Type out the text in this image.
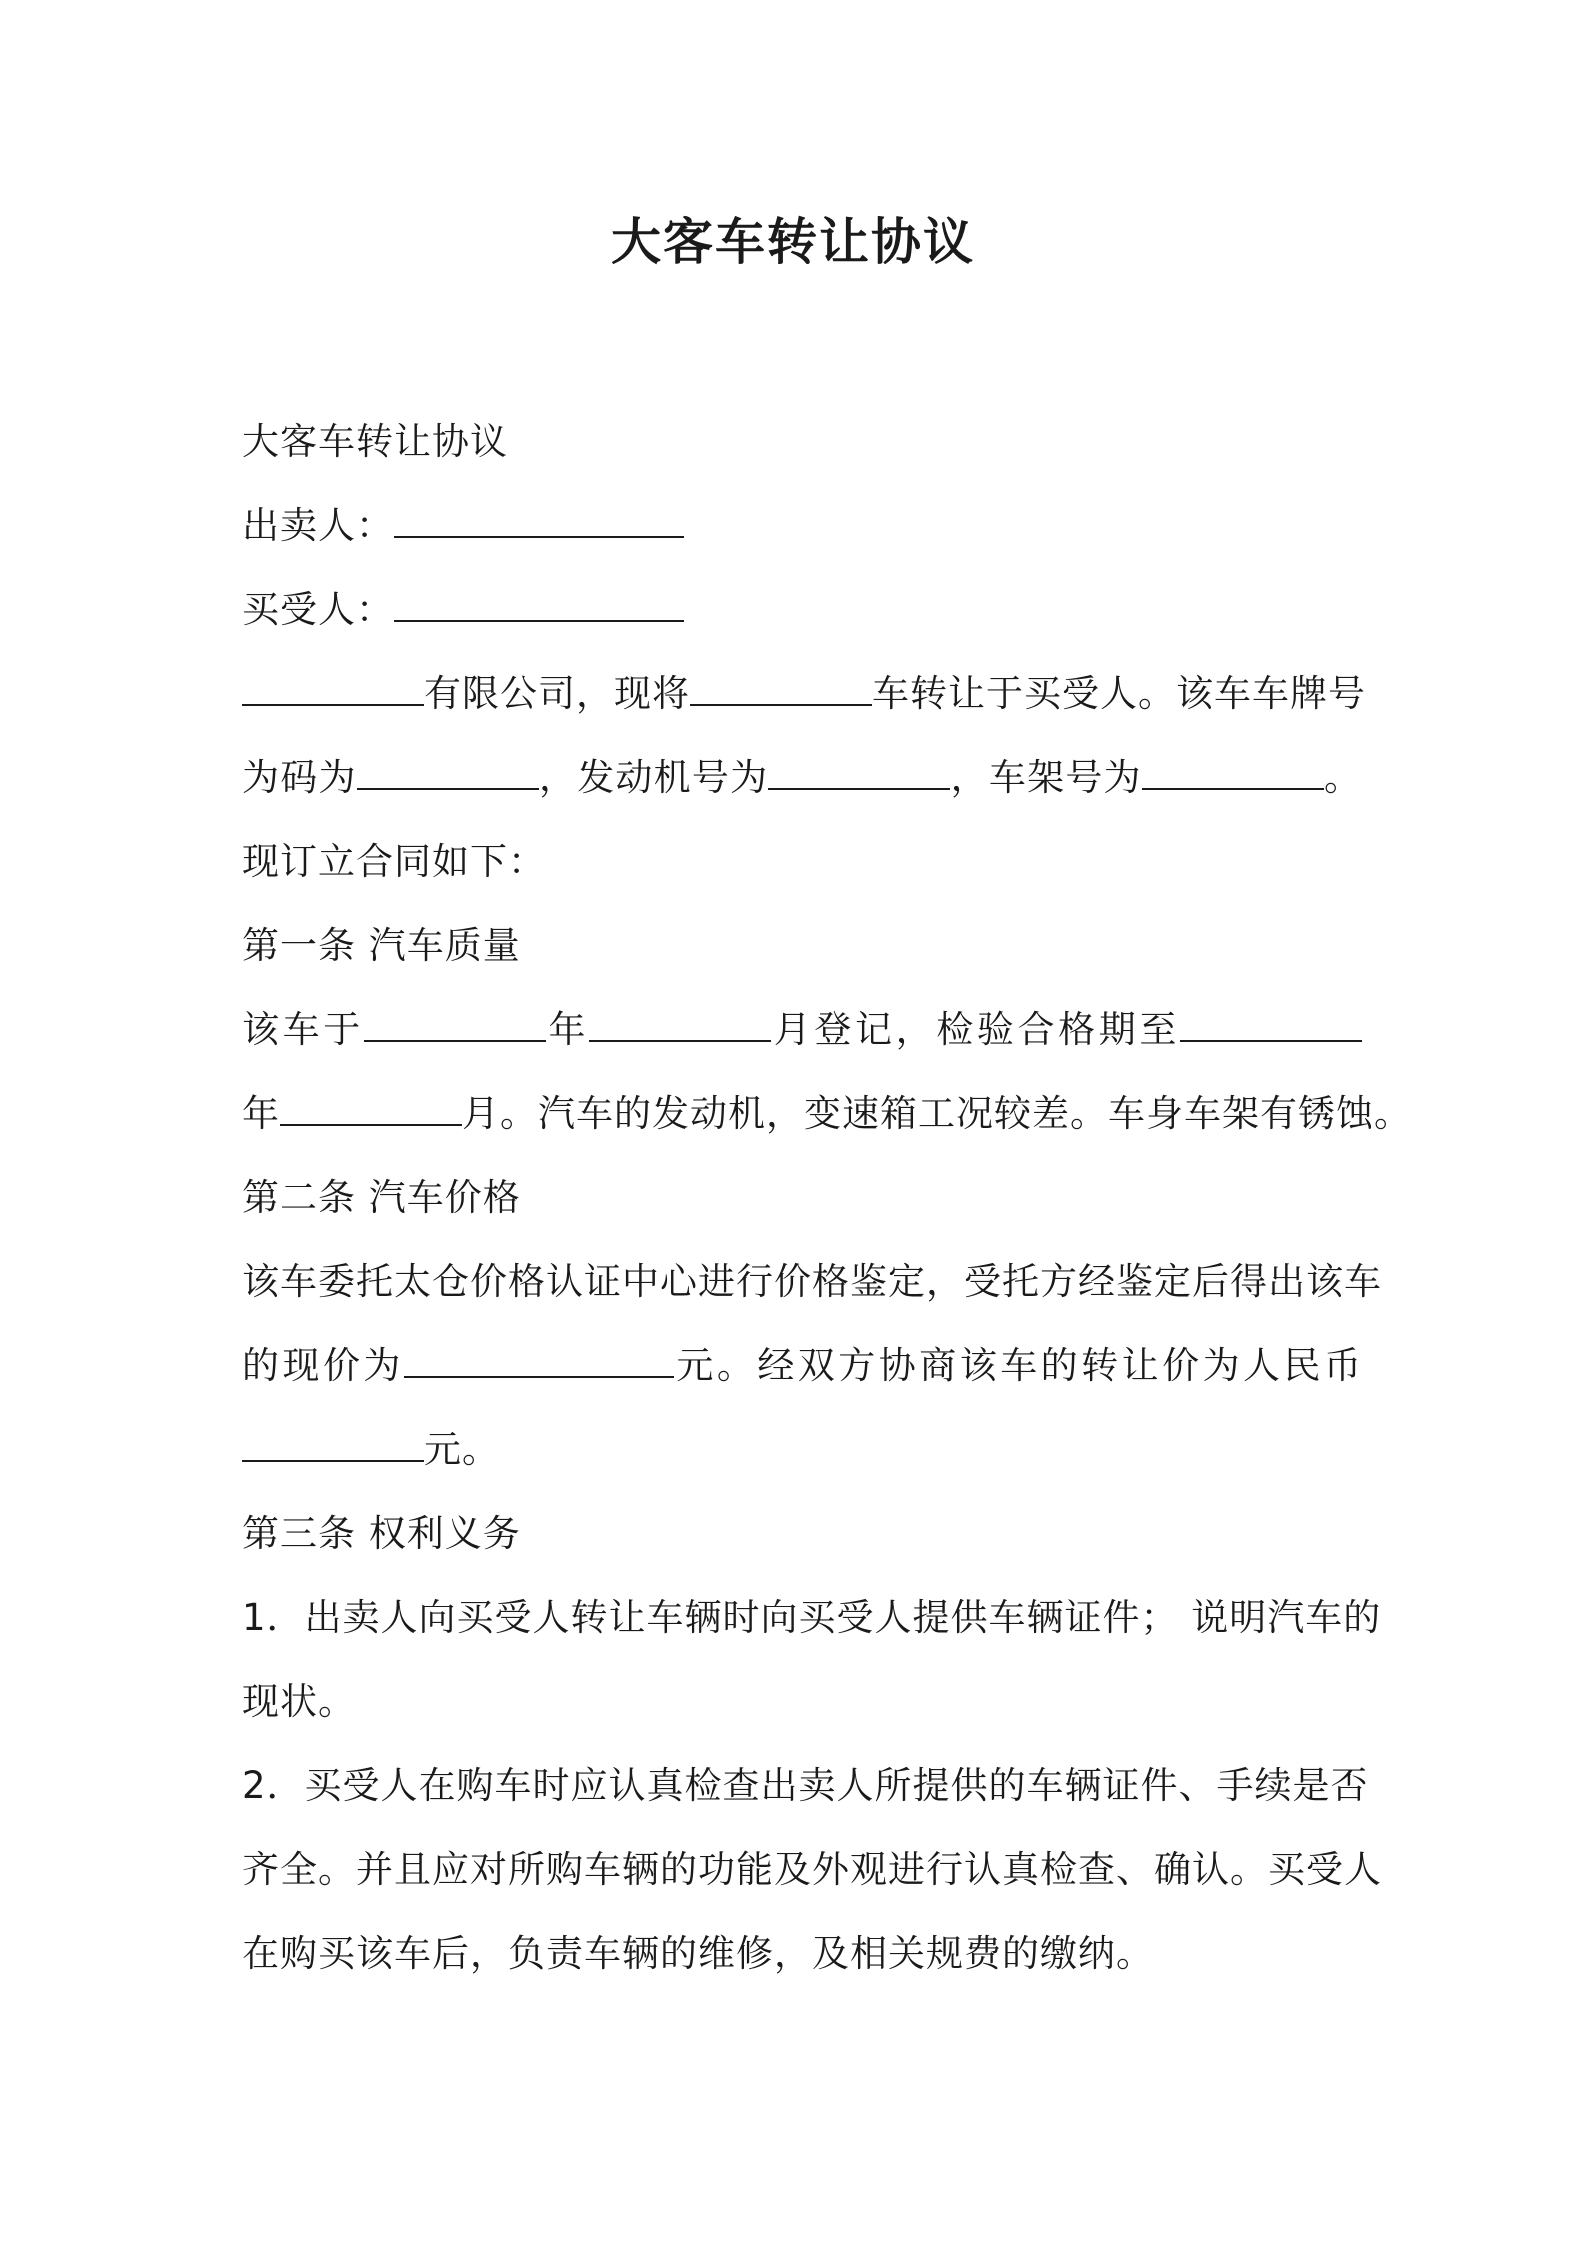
大客车转让协议
大客车转让协议
出卖人：
买受人：
有限公司，现将	车转让于买受人。该车车牌号
为码为	，发动机号为	，车架号为	。
现订立合同如下：
第一条 汽车质量
该车于	年	月登记，检验合格期至
年	月。汽车的发动机，变速箱工况较差。车身车架有锈蚀。
第二条 汽车价格
该车委托太仓价格认证中心进行价格鉴定，受托方经鉴定后得出该车
的现价为	元。经双方协商该车的转让价为人民币
元。
第三条 权利义务
1．出卖人向买受人转让车辆时向买受人提供车辆证件； 说明汽车的
现状。
2．买受人在购车时应认真检查出卖人所提供的车辆证件、手续是否
齐全。并且应对所购车辆的功能及外观进行认真检查、确认。买受人
在购买该车后，负责车辆的维修，及相关规费的缴纳。
